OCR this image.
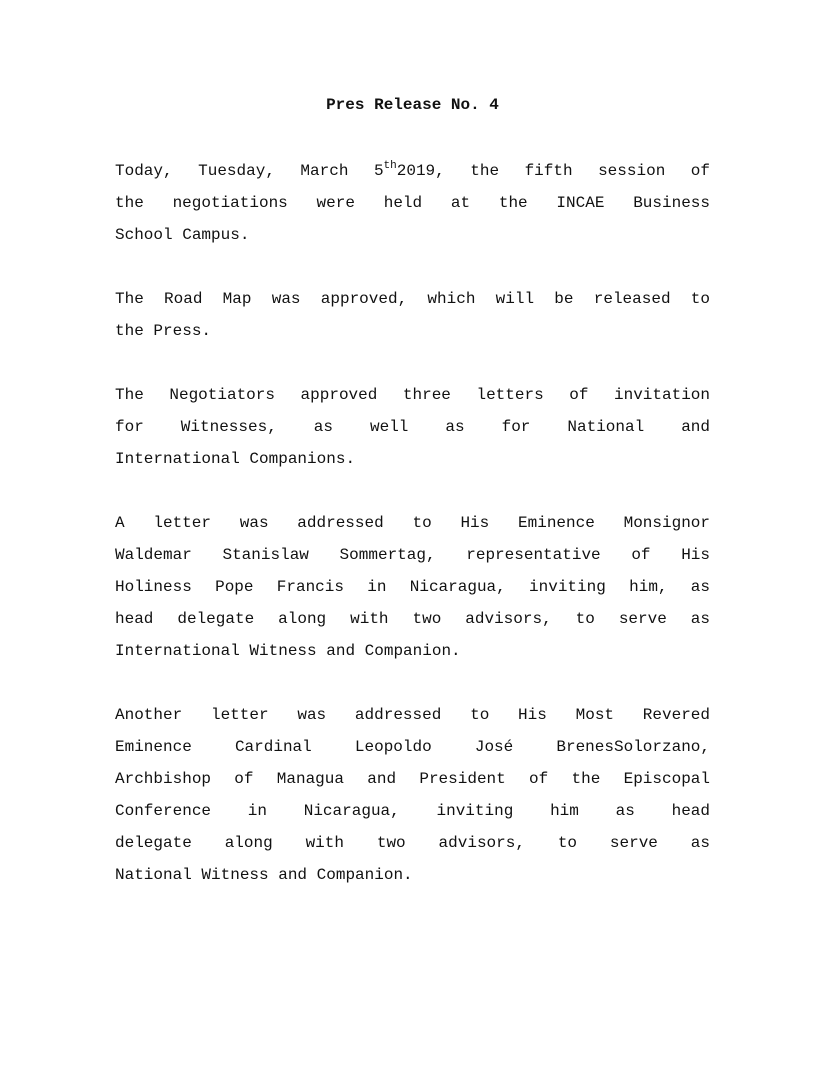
Pres Release No. 4
Today, Tuesday, March 5th2019, the fifth session of
the negotiations were held at the INCAE Business
School Campus.
The Road Map was approved, which will be released to
the Press.
The Negotiators approved three letters of invitation
for Witnesses, as well as for National and
International Companions.
A letter was addressed to His Eminence Monsignor
Waldemar Stanislaw Sommertag, representative of His
Holiness Pope Francis in Nicaragua, inviting him, as
head delegate along with two advisors, to serve as
International Witness and Companion.
Another letter was addressed to His Most Revered
Eminence Cardinal Leopoldo José BrenesSolorzano,
Archbishop of Managua and President of the Episcopal
Conference in Nicaragua, inviting him as head
delegate along with two advisors, to serve as
National Witness and Companion.
